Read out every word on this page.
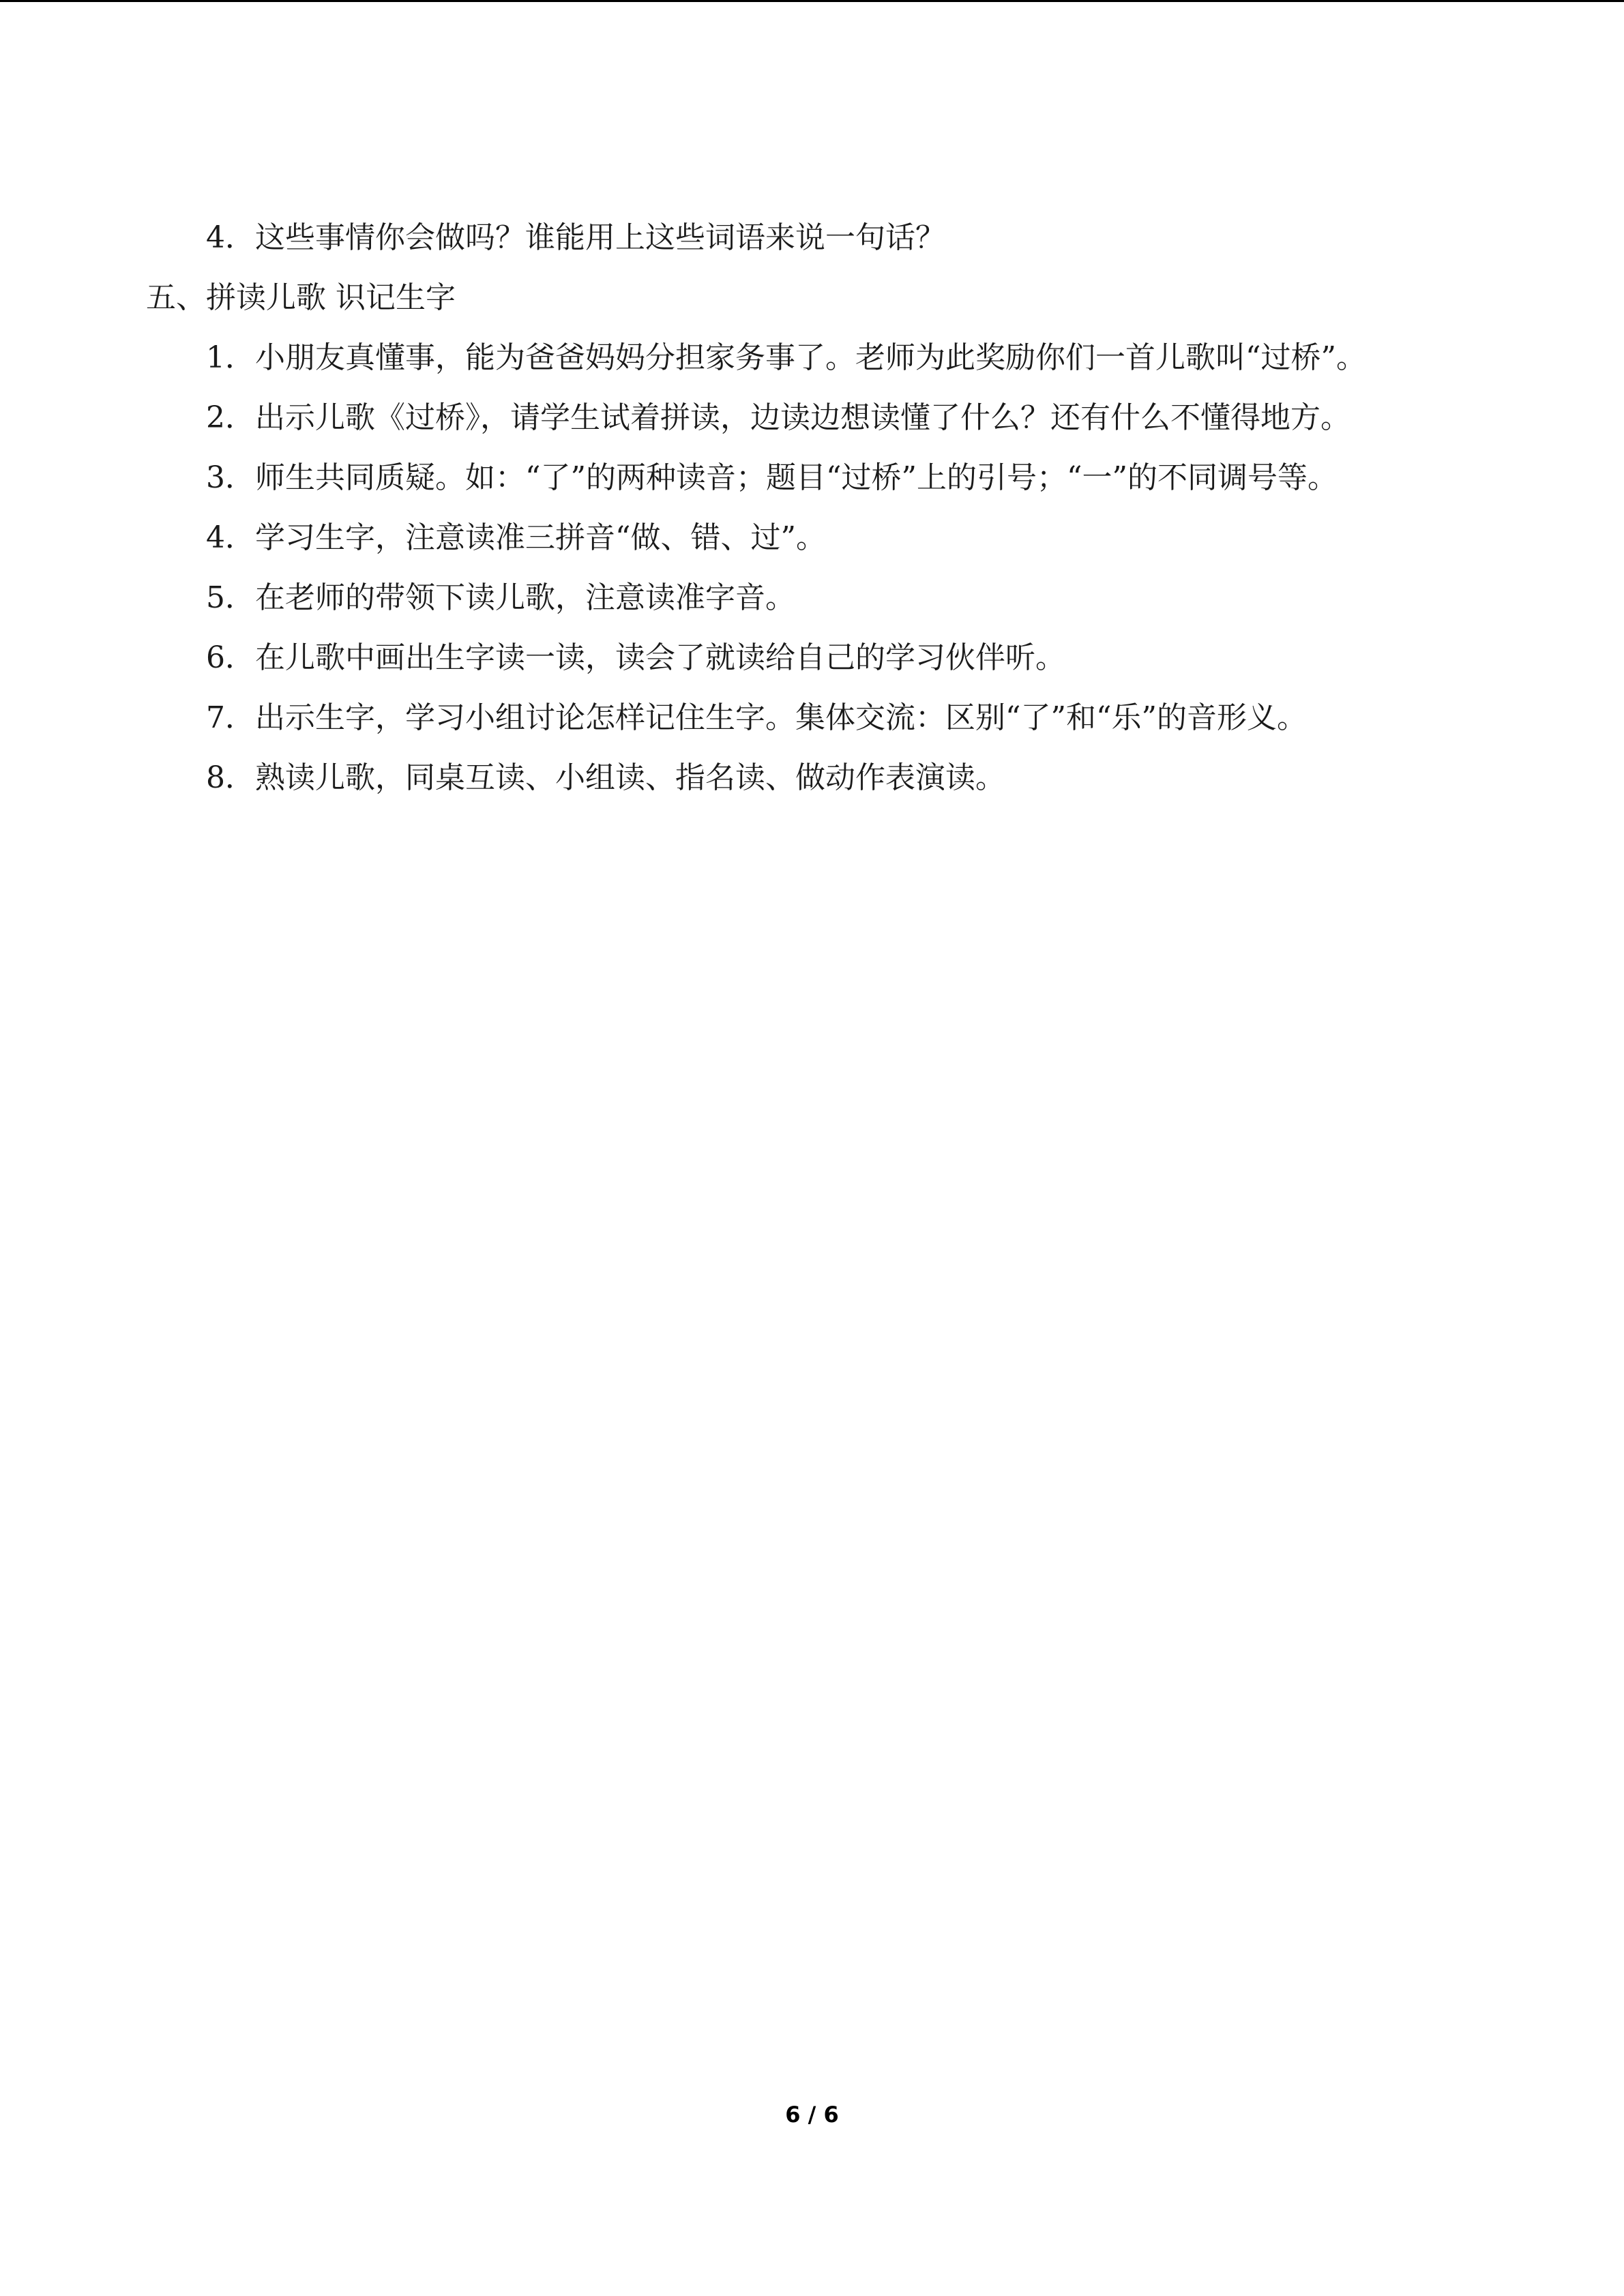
4．这些事情你会做吗？谁能用上这些词语来说一句话？
五、拼读儿歌 识记生字

1．小朋友真懂事，能为爸爸妈妈分担家务事了。老师为此奖励你们一首儿歌叫“过桥”。

2．出示儿歌《过桥》，请学生试着拼读，边读边想读懂了什么？还有什么不懂得地方。

3．师生共同质疑。如：“了”的两种读音；题目“过桥”上的引号；“一”的不同调号等。

4．学习生字，注意读准三拼音“做、错、过”。
5．在老师的带领下读儿歌，注意读准字音。
6．在儿歌中画出生字读一读，读会了就读给自己的学习伙伴听。
7．出示生字，学习小组讨论怎样记住生字。集体交流：区别“了”和“乐”的音形义。
8．熟读儿歌，同桌互读、小组读、指名读、做动作表演读。
6 / 6
